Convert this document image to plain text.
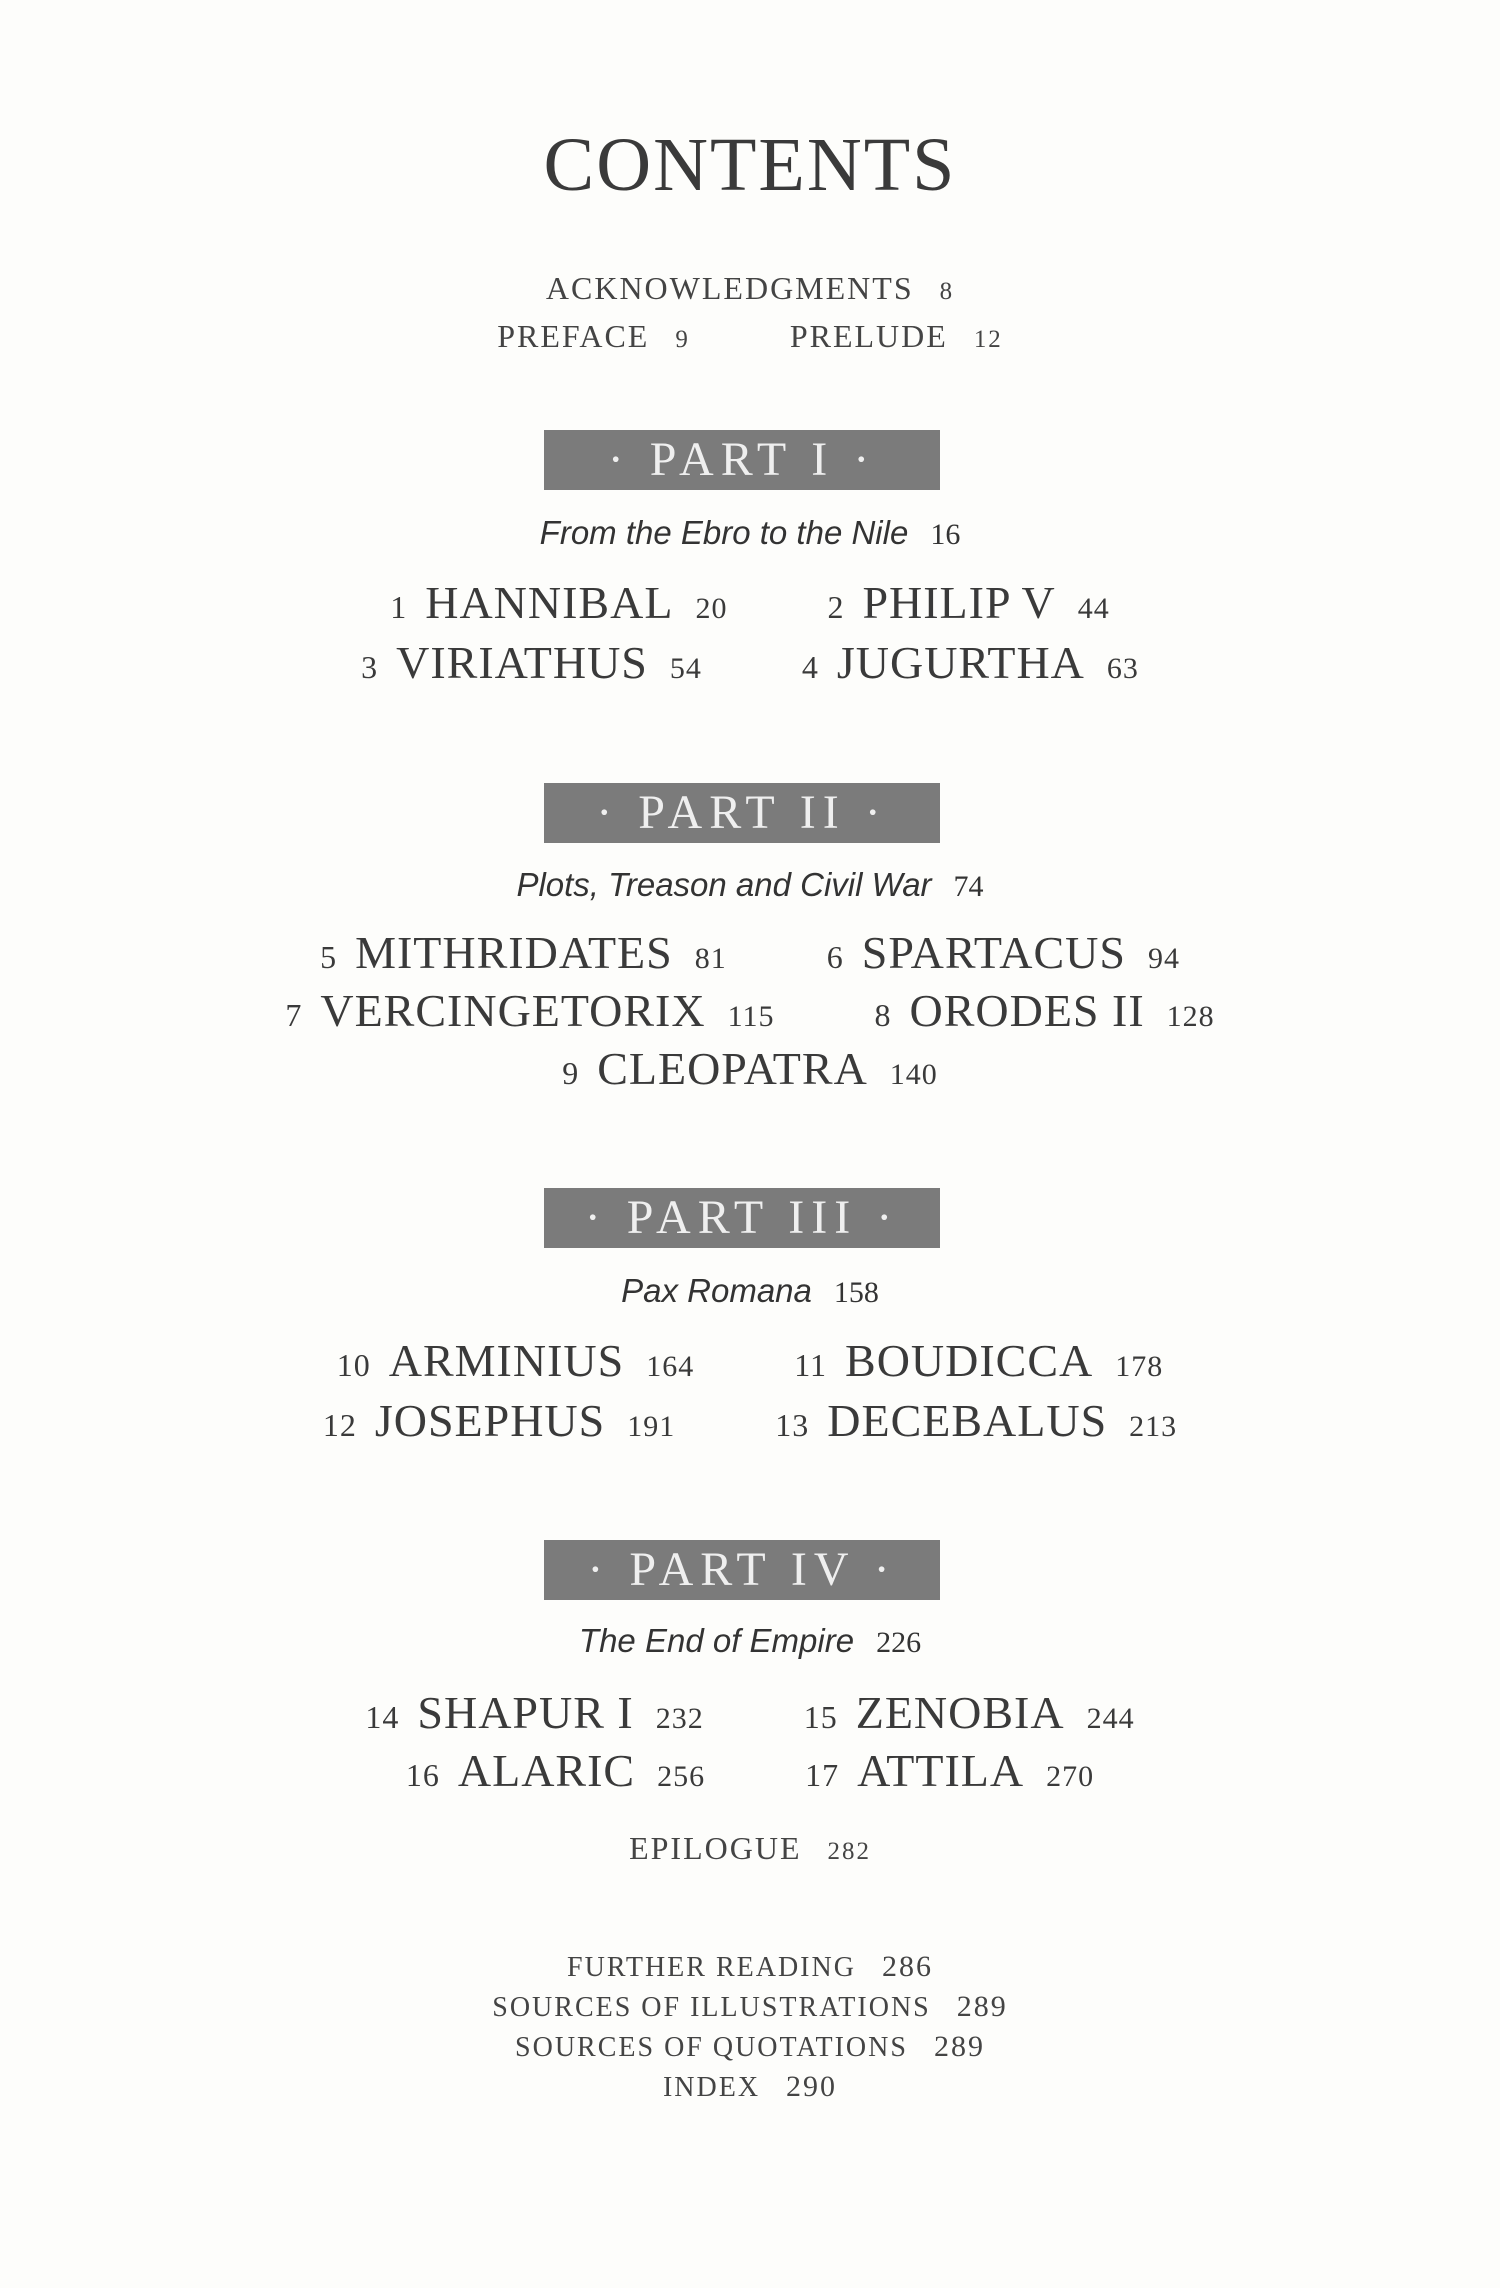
CONTENTS
ACKNOWLEDGMENTS 8
PREFACE 9	PRELUDE 12
· PART I ·
From the Ebro to the Nile 16
1 HANNIBAL 20	2 PHILIP V 44
3 VIRIATHUS 54	4 JUGURTHA 63
· PART II ·
Plots, Treason and Civil War 74
5 MITHRIDATES 81	6 SPARTACUS 94
7 VERCINGETORIX 115	8 ORODES II 128
9 CLEOPATRA 140
· PART III ·
Pax Romana 158
10 ARMINIUS 164	11 BOUDICCA 178
12 JOSEPHUS 191	13 DECEBALUS 213
· PART IV ·
The End of Empire 226
14 SHAPUR I 232	15 ZENOBIA 244
16 ALARIC 256	17 ATTILA 270
EPILOGUE 282
FURTHER READING 286
SOURCES OF ILLUSTRATIONS 289
SOURCES OF QUOTATIONS 289
INDEX 290
